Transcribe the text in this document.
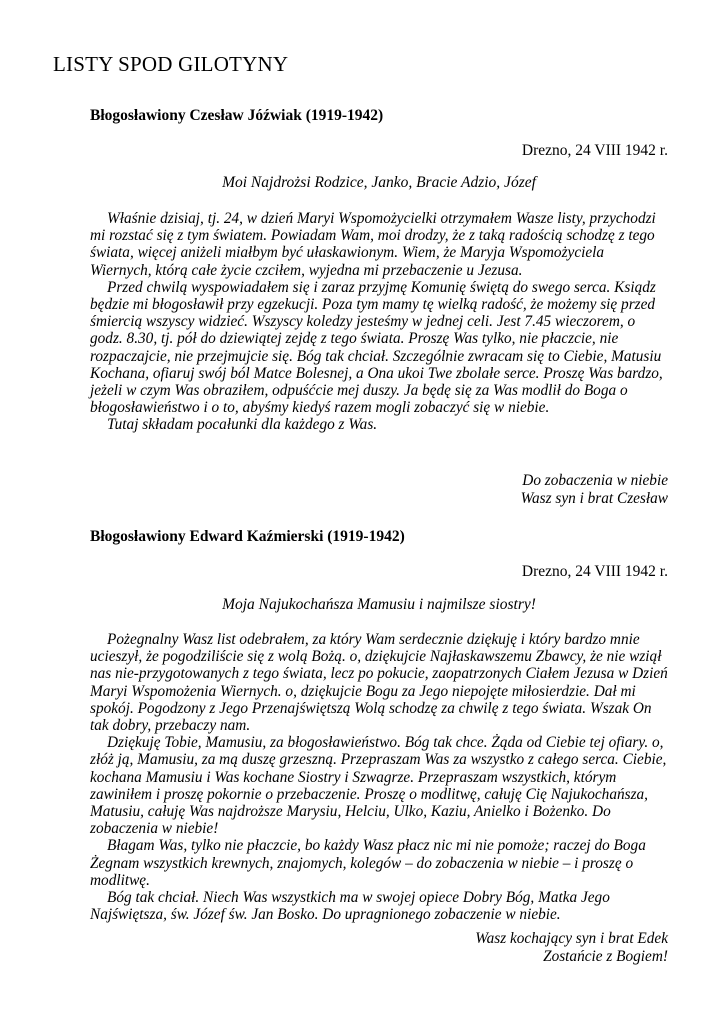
LISTY SPOD GILOTYNY
Błogosławiony Czesław Jóźwiak (1919-1942)

Drezno, 24 VIII 1942 r.

Moi Najdrożsi Rodzice, Janko, Bracie Adzio, Józef

Właśnie dzisiaj, tj. 24, w dzień Maryi Wspomożycielki otrzymałem Wasze listy, przychodzi mi rozstać się z tym światem. Powiadam Wam, moi drodzy, że z taką radością schodzę z tego świata, więcej aniżeli miałbym być ułaskawionym. Wiem, że Maryja Wspomożyciela Wiernych, którą całe życie czciłem, wyjedna mi przebaczenie u Jezusa.

Przed chwilą wyspowiadałem się i zaraz przyjmę Komunię świętą do swego serca. Ksiądz będzie mi błogosławił przy egzekucji. Poza tym mamy tę wielką radość, że możemy się przed śmiercią wszyscy widzieć. Wszyscy koledzy jesteśmy w jednej celi. Jest 7.45 wieczorem, o godz. 8.30, tj. pół do dziewiątej zejdę z tego świata. Proszę Was tylko, nie płaczcie, nie rozpaczajcie, nie przejmujcie się. Bóg tak chciał. Szczególnie zwracam się to Ciebie, Matusiu Kochana, ofiaruj swój ból Matce Bolesnej, a Ona ukoi Twe zbolałe serce. Proszę Was bardzo, jeżeli w czym Was obraziłem, odpuśćcie mej duszy. Ja będę się za Was modlił do Boga o błogosławieństwo i o to, abyśmy kiedyś razem mogli zobaczyć się w niebie.

Tutaj składam pocałunki dla każdego z Was.

Do zobaczenia w niebie
Wasz syn i brat Czesław
Błogosławiony Edward Kaźmierski (1919-1942)

Drezno, 24 VIII 1942 r.

Moja Najukochańsza Mamusiu i najmilsze siostry!

Pożegnalny Wasz list odebrałem, za który Wam serdecznie dziękuję i który bardzo mnie ucieszył, że pogodziliście się z wolą Bożą. o, dziękujcie Najłaskawszemu Zbawcy, że nie wziął nas nie-przygotowanych z tego świata, lecz po pokucie, zaopatrzonych Ciałem Jezusa w Dzień Maryi Wspomożenia Wiernych. o, dziękujcie Bogu za Jego niepojęte miłosierdzie. Dał mi spokój. Pogodzony z Jego Przenajświętszą Wolą schodzę za chwilę z tego świata. Wszak On tak dobry, przebaczy nam.

Dziękuję Tobie, Mamusiu, za błogosławieństwo. Bóg tak chce. Żąda od Ciebie tej ofiary. o, złóż ją, Mamusiu, za mą duszę grzeszną. Przepraszam Was za wszystko z całego serca. Ciebie, kochana Mamusiu i Was kochane Siostry i Szwagrze. Przepraszam wszystkich, którym zawiniłem i proszę pokornie o przebaczenie. Proszę o modlitwę, całuję Cię Najukochańsza, Matusiu, całuję Was najdroższe Marysiu, Helciu, Ulko, Kaziu, Anielko i Bożenko. Do zobaczenia w niebie!

Błagam Was, tylko nie płaczcie, bo każdy Wasz płacz nic mi nie pomoże; raczej do Boga Żegnam wszystkich krewnych, znajomych, kolegów – do zobaczenia w niebie – i proszę o modlitwę.

Bóg tak chciał. Niech Was wszystkich ma w swojej opiece Dobry Bóg, Matka Jego Najświętsza, św. Józef św. Jan Bosko. Do upragnionego zobaczenie w niebie.

Wasz kochający syn i brat Edek
Zostańcie z Bogiem!
